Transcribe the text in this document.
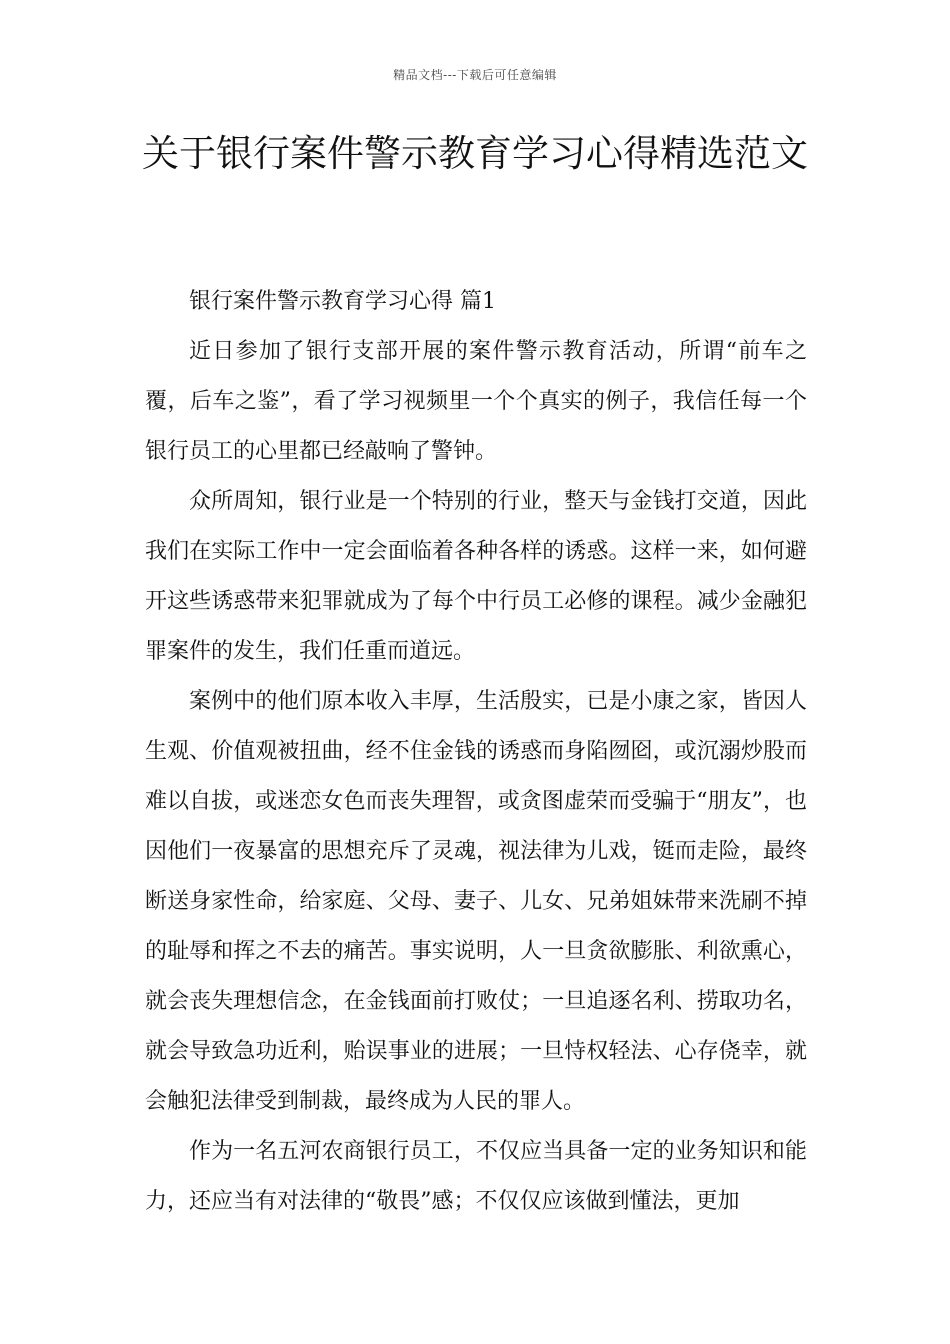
精品文档---下载后可任意编辑
关于银行案件警示教育学习心得精选范文

银行案件警示教育学习心得 篇1

近日参加了银行支部开展的案件警示教育活动，所谓“前车之覆，后车之鉴”，看了学习视频里一个个真实的例子，我信任每一个银行员工的心里都已经敲响了警钟。

众所周知，银行业是一个特别的行业，整天与金钱打交道，因此我们在实际工作中一定会面临着各种各样的诱惑。这样一来，如何避开这些诱惑带来犯罪就成为了每个中行员工必修的课程。减少金融犯罪案件的发生，我们任重而道远。

案例中的他们原本收入丰厚，生活殷实，已是小康之家，皆因人生观、价值观被扭曲，经不住金钱的诱惑而身陷囫囵，或沉溺炒股而难以自拔，或迷恋女色而丧失理智，或贪图虚荣而受骗于“朋友”，也因他们一夜暴富的思想充斥了灵魂，视法律为儿戏，铤而走险，最终断送身家性命，给家庭、父母、妻子、儿女、兄弟姐妹带来洗刷不掉的耻辱和挥之不去的痛苦。事实说明，人一旦贪欲膨胀、利欲熏心，就会丧失理想信念，在金钱面前打败仗；一旦追逐名利、捞取功名，就会导致急功近利，贻误事业的进展；一旦恃权轻法、心存侥幸，就会触犯法律受到制裁，最终成为人民的罪人。

作为一名五河农商银行员工，不仅应当具备一定的业务知识和能力，还应当有对法律的“敬畏”感；不仅仅应该做到懂法，更加
